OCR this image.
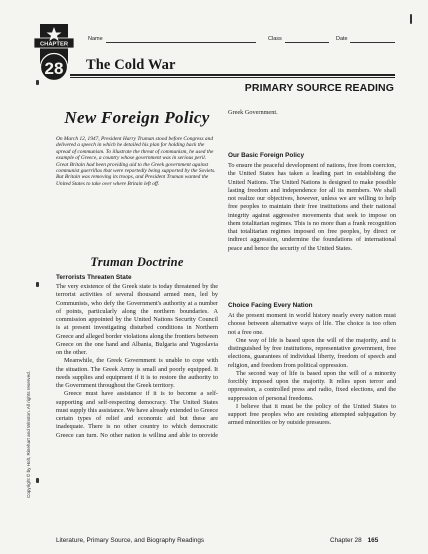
Name	Class	Date
CHAPTER
28 The Cold War
PRIMARY SOURCE READING
New Foreign Policy
On March 12, 1947, President Harry Truman stood before Congress and delivered a speech in which he detailed his plan for holding back the spread of communism. To illustrate the threat of communism, he used the example of Greece, a country whose government was in serious peril. Great Britain had been providing aid to the Greek government against communist guerrillas that were reportedly being supported by the Soviets. But Britain was removing its troops, and President Truman wanted the United States to take over where Britain left off.
Truman Doctrine
Terrorists Threaten State

The very existence of the Greek state is today threatened by the terrorist activities of several thousand armed men, led by Communists, who defy the Government's authority at a number of points, particularly along the northern boundaries. A commission appointed by the United Nations Security Council is at present investigating disturbed conditions in Northern Greece and alleged border violations along the frontiers between Greece on the one hand and Albania, Bulgaria and Yugoslavia on the other.

Meanwhile, the Greek Government is unable to cope with the situation. The Greek Army is small and poorly equipped. It needs supplies and equipment if it is to restore the authority to the Government throughout the Greek territory.

Greece must have assistance if it is to become a self-supporting and self-respecting democracy. The United States must supply this assistance. We have already extended to Greece certain types of relief and economic aid but these are inadequate. There is no other country to which democratic Greece can turn. No other nation is willing and able to provide

Greek Government.

Our Basic Foreign Policy

To ensure the peaceful development of nations, free from coercion, the United States has taken a leading part in establishing the United Nations. The United Nations is designed to make possible lasting freedom and independence for all its members. We shall not realize our objectives, however, unless we are willing to help free peoples to maintain their free institutions and their national integrity against aggressive movements that seek to impose on them totalitarian regimes. This is no more than a frank recognition that totalitarian regimes imposed on free peoples, by direct or indirect aggression, undermine the foundations of international peace and hence the security of the United States.

Choice Facing Every Nation

At the present moment in world history nearly every nation must choose between alternative ways of life. The choice is too often not a free one.

One way of life is based upon the will of the majority, and is distinguished by free institutions, representative government, free elections, guarantees of individual liberty, freedom of speech and religion, and freedom from political oppression.

The second way of life is based upon the will of a minority forcibly imposed upon the majority. It relies upon terror and oppression, a controlled press and radio, fixed elections, and the suppression of personal freedoms.

I believe that it must be the policy of the United States to support free peoples who are resisting attempted subjugation by armed minorities or by outside pressures.

Copyright © by Holt, Rinehart and Winston. All rights reserved.
Literature, Primary Source, and Biography Readings	Chapter 28 165
